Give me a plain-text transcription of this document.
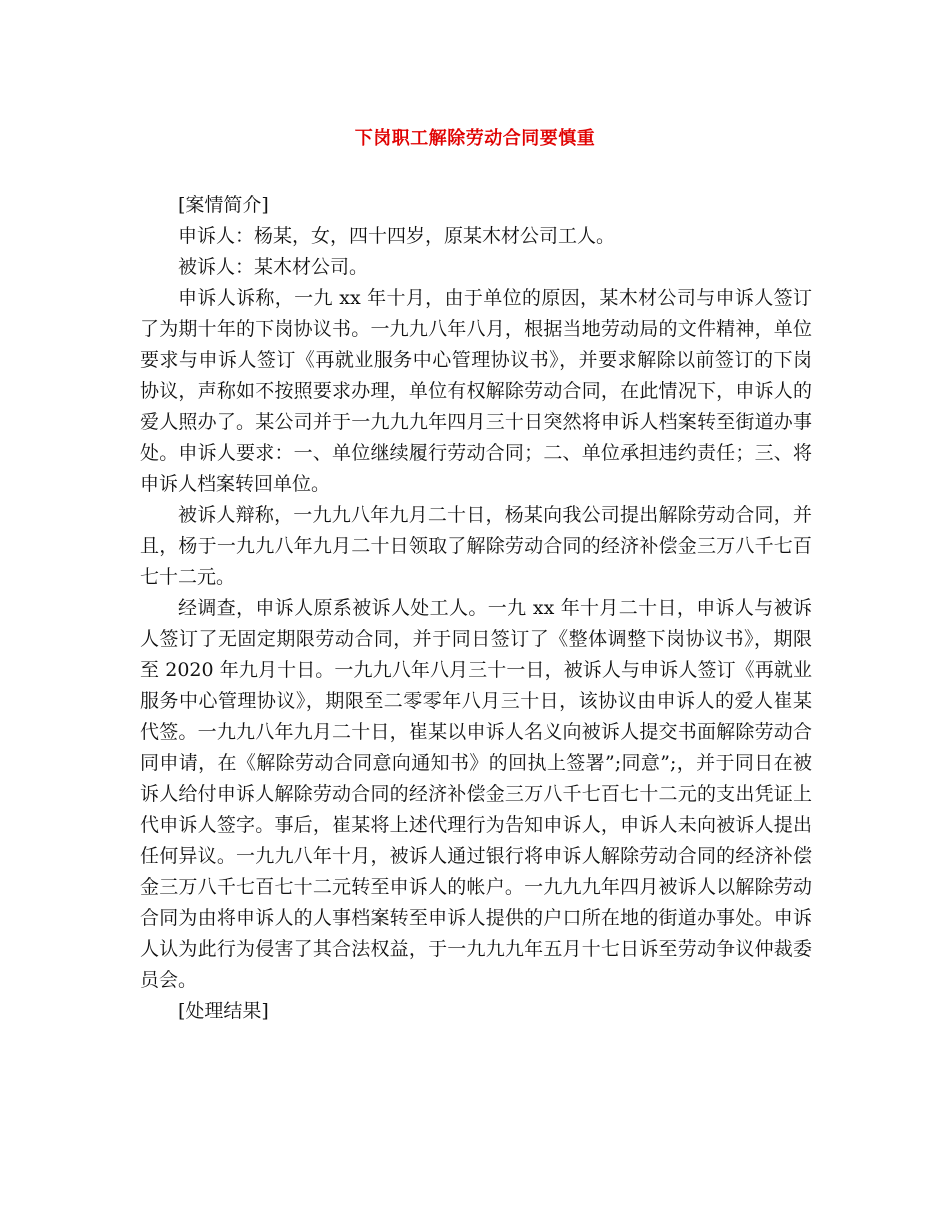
下岗职工解除劳动合同要慎重

[案情简介]

申诉人：杨某，女，四十四岁，原某木材公司工人。

被诉人：某木材公司。

申诉人诉称，一九 xx 年十月，由于单位的原因，某木材公司与申诉人签订了为期十年的下岗协议书。一九九八年八月，根据当地劳动局的文件精神，单位要求与申诉人签订《再就业服务中心管理协议书》，并要求解除以前签订的下岗协议，声称如不按照要求办理，单位有权解除劳动合同，在此情况下，申诉人的爱人照办了。某公司并于一九九九年四月三十日突然将申诉人档案转至街道办事处。申诉人要求：一、单位继续履行劳动合同；二、单位承担违约责任；三、将申诉人档案转回单位。

被诉人辩称，一九九八年九月二十日，杨某向我公司提出解除劳动合同，并且，杨于一九九八年九月二十日领取了解除劳动合同的经济补偿金三万八千七百七十二元。

经调查，申诉人原系被诉人处工人。一九 xx 年十月二十日，申诉人与被诉人签订了无固定期限劳动合同，并于同日签订了《整体调整下岗协议书》，期限至 2020 年九月十日。一九九八年八月三十一日，被诉人与申诉人签订《再就业服务中心管理协议》，期限至二零零年八月三十日，该协议由申诉人的爱人崔某代签。一九九八年九月二十日，崔某以申诉人名义向被诉人提交书面解除劳动合同申请，在《解除劳动合同意向通知书》的回执上签署”;同意”;，并于同日在被诉人给付申诉人解除劳动合同的经济补偿金三万八千七百七十二元的支出凭证上代申诉人签字。事后，崔某将上述代理行为告知申诉人，申诉人未向被诉人提出任何异议。一九九八年十月，被诉人通过银行将申诉人解除劳动合同的经济补偿金三万八千七百七十二元转至申诉人的帐户。一九九九年四月被诉人以解除劳动合同为由将申诉人的人事档案转至申诉人提供的户口所在地的街道办事处。申诉人认为此行为侵害了其合法权益，于一九九九年五月十七日诉至劳动争议仲裁委员会。

[处理结果]
